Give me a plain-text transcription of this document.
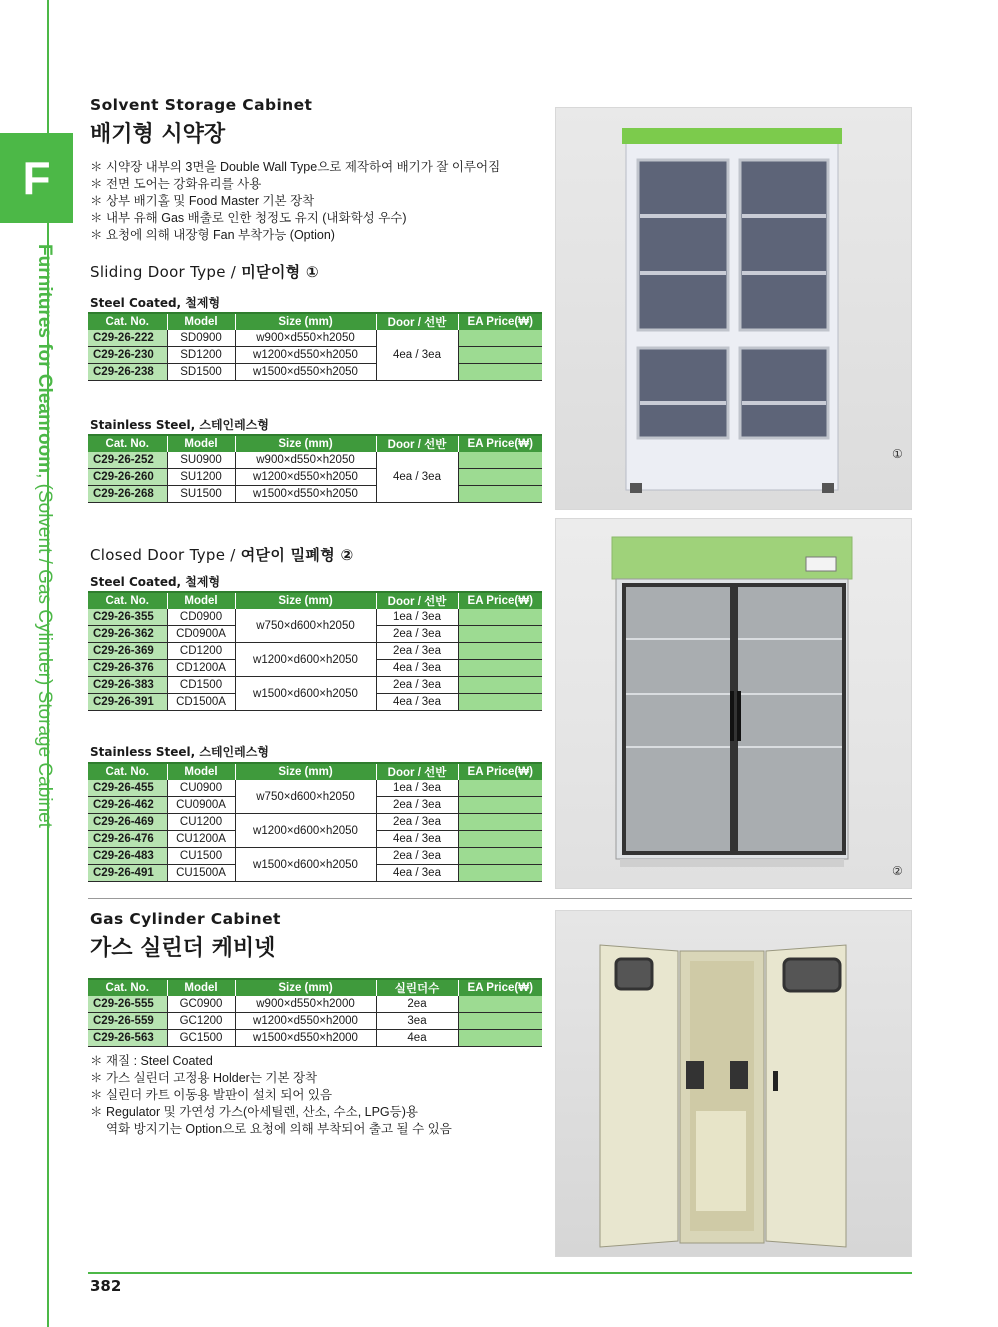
F
Furnitures for Cleanroom, (Solvent / Gas Cylinder) Storage Cabinet
Solvent Storage Cabinet
배기형 시약장
＊ 시약장 내부의 3면을 Double Wall Type으로 제작하여 배기가 잘 이루어짐
＊ 전면 도어는 강화유리를 사용
＊ 상부 배기홀 및 Food Master 기본 장착
＊ 내부 유해 Gas 배출로 인한 청정도 유지 (내화학성 우수)
＊ 요청에 의해 내장형 Fan 부착가능 (Option)
Sliding Door Type / 미닫이형 ①
Steel Coated, 철제형
Cat. No.	Model	Size (mm)	Door / 선반	EA Price(₩)
C29-26-222	SD0900	w900×d550×h2050	4ea / 3ea	
C29-26-230	SD1200	w1200×d550×h2050		
C29-26-238	SD1500	w1500×d550×h2050		
Stainless Steel, 스테인레스형
Cat. No.	Model	Size (mm)	Door / 선반	EA Price(₩)
C29-26-252	SU0900	w900×d550×h2050	4ea / 3ea	
C29-26-260	SU1200	w1200×d550×h2050		
C29-26-268	SU1500	w1500×d550×h2050		
Closed Door Type / 여닫이 밀폐형 ②
Steel Coated, 철제형
Cat. No.	Model	Size (mm)	Door / 선반	EA Price(₩)
C29-26-355	CD0900	w750×d600×h2050	1ea / 3ea	
C29-26-362	CD0900A		2ea / 3ea	
C29-26-369	CD1200	w1200×d600×h2050	2ea / 3ea	
C29-26-376	CD1200A		4ea / 3ea	
C29-26-383	CD1500	w1500×d600×h2050	2ea / 3ea	
C29-26-391	CD1500A		4ea / 3ea	
Stainless Steel, 스테인레스형
Cat. No.	Model	Size (mm)	Door / 선반	EA Price(₩)
C29-26-455	CU0900	w750×d600×h2050	1ea / 3ea	
C29-26-462	CU0900A		2ea / 3ea	
C29-26-469	CU1200	w1200×d600×h2050	2ea / 3ea	
C29-26-476	CU1200A		4ea / 3ea	
C29-26-483	CU1500	w1500×d600×h2050	2ea / 3ea	
C29-26-491	CU1500A		4ea / 3ea	
Gas Cylinder Cabinet
가스 실린더 케비넷
Cat. No.	Model	Size (mm)	실린더수	EA Price(₩)
C29-26-555	GC0900	w900×d550×h2000	2ea	
C29-26-559	GC1200	w1200×d550×h2000	3ea	
C29-26-563	GC1500	w1500×d550×h2000	4ea	
＊ 재질 : Steel Coated
＊ 가스 실린더 고정용 Holder는 기본 장착
＊ 실린더 카트 이동용 발판이 설치 되어 있음
＊ Regulator 및 가연성 가스(아세틸렌, 산소, 수소, LPG등)용
　 역화 방지기는 Option으로 요청에 의해 부착되어 출고 될 수 있음
①
②
382
